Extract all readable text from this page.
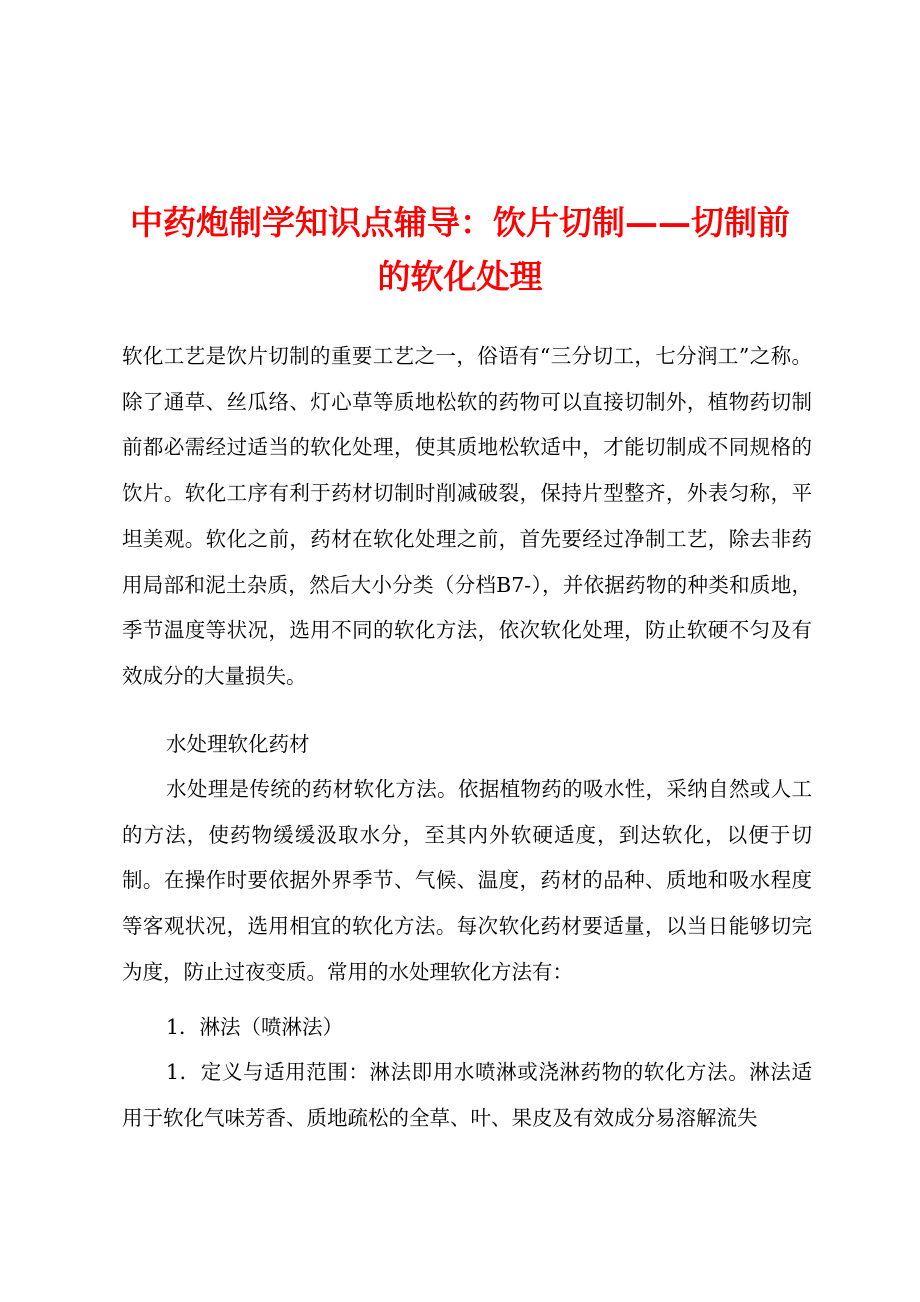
中药炮制学知识点辅导：饮片切制——切制前
的软化处理

软化工艺是饮片切制的重要工艺之一，俗语有“三分切工，七分润工”之称。除了通草、丝瓜络、灯心草等质地松软的药物可以直接切制外，植物药切制前都必需经过适当的软化处理，使其质地松软适中，才能切制成不同规格的饮片。软化工序有利于药材切制时削减破裂，保持片型整齐，外表匀称，平坦美观。软化之前，药材在软化处理之前，首先要经过净制工艺，除去非药用局部和泥土杂质，然后大小分类（分档B7-），并依据药物的种类和质地，季节温度等状况，选用不同的软化方法，依次软化处理，防止软硬不匀及有效成分的大量损失。

水处理软化药材

水处理是传统的药材软化方法。依据植物药的吸水性，采纳自然或人工的方法，使药物缓缓汲取水分，至其内外软硬适度，到达软化，以便于切制。在操作时要依据外界季节、气候、温度，药材的品种、质地和吸水程度等客观状况，选用相宜的软化方法。每次软化药材要适量，以当日能够切完为度，防止过夜变质。常用的水处理软化方法有：

1．淋法（喷淋法）

1．定义与适用范围：淋法即用水喷淋或浇淋药物的软化方法。淋法适用于软化气味芳香、质地疏松的全草、叶、果皮及有效成分易溶解流失
